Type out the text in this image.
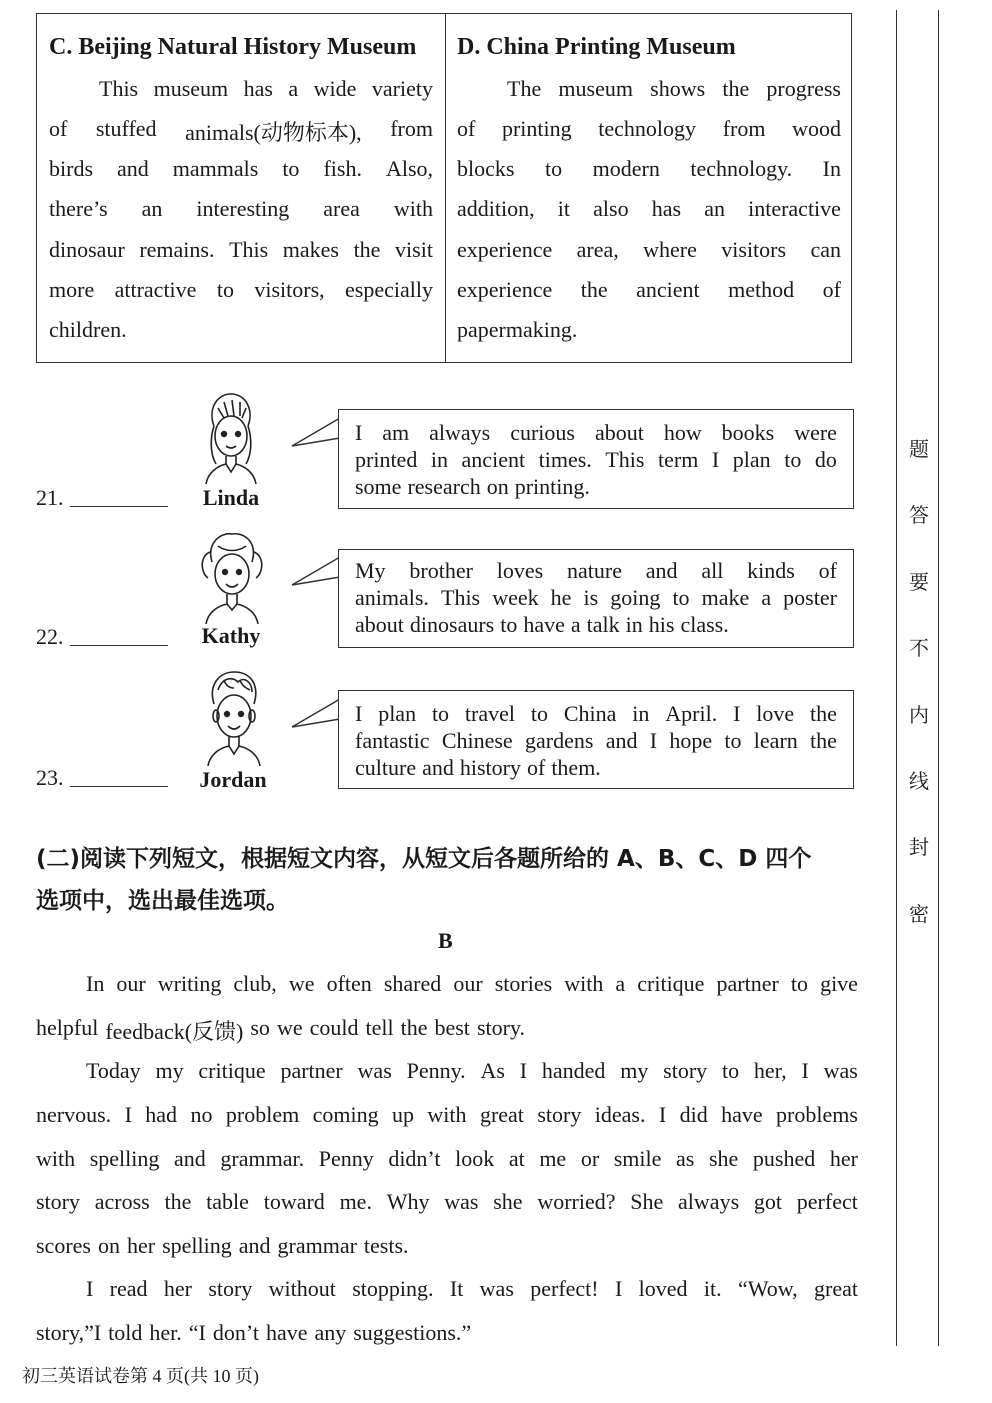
C. Beijing Natural History Museum
This museum has a wide variety
of stuffed animals(动物标本), from
birds and mammals to fish. Also,
there’s an interesting area with
dinosaur remains. This makes the visit
more attractive to visitors, especially
children.
D. China Printing Museum
The museum shows the progress
of printing technology from wood
blocks to modern technology. In
addition, it also has an interactive
experience area, where visitors can
experience the ancient method of
papermaking.
21.	Linda
I am always curious about how books were
printed in ancient times. This term I plan to do
some research on printing.
22.	Kathy
My brother loves nature and all kinds of
animals. This week he is going to make a poster
about dinosaurs to have a talk in his class.
23.	Jordan
I plan to travel to China in April. I love the
fantastic Chinese gardens and I hope to learn the
culture and history of them.
(二)阅读下列短文，根据短文内容，从短文后各题所给的 A、B、C、D 四个
选项中，选出最佳选项。
B
In our writing club, we often shared our stories with a critique partner to give
helpful feedback(反馈) so we could tell the best story.
Today my critique partner was Penny. As I handed my story to her, I was
nervous. I had no problem coming up with great story ideas. I did have problems
with spelling and grammar. Penny didn’t look at me or smile as she pushed her
story across the table toward me. Why was she worried? She always got perfect
scores on her spelling and grammar tests.
I read her story without stopping. It was perfect! I loved it. “Wow, great
story,”I told her. “I don’t have any suggestions.”
初三英语试卷第 4 页(共 10 页)
题
答
要
不
内
线
封
密
